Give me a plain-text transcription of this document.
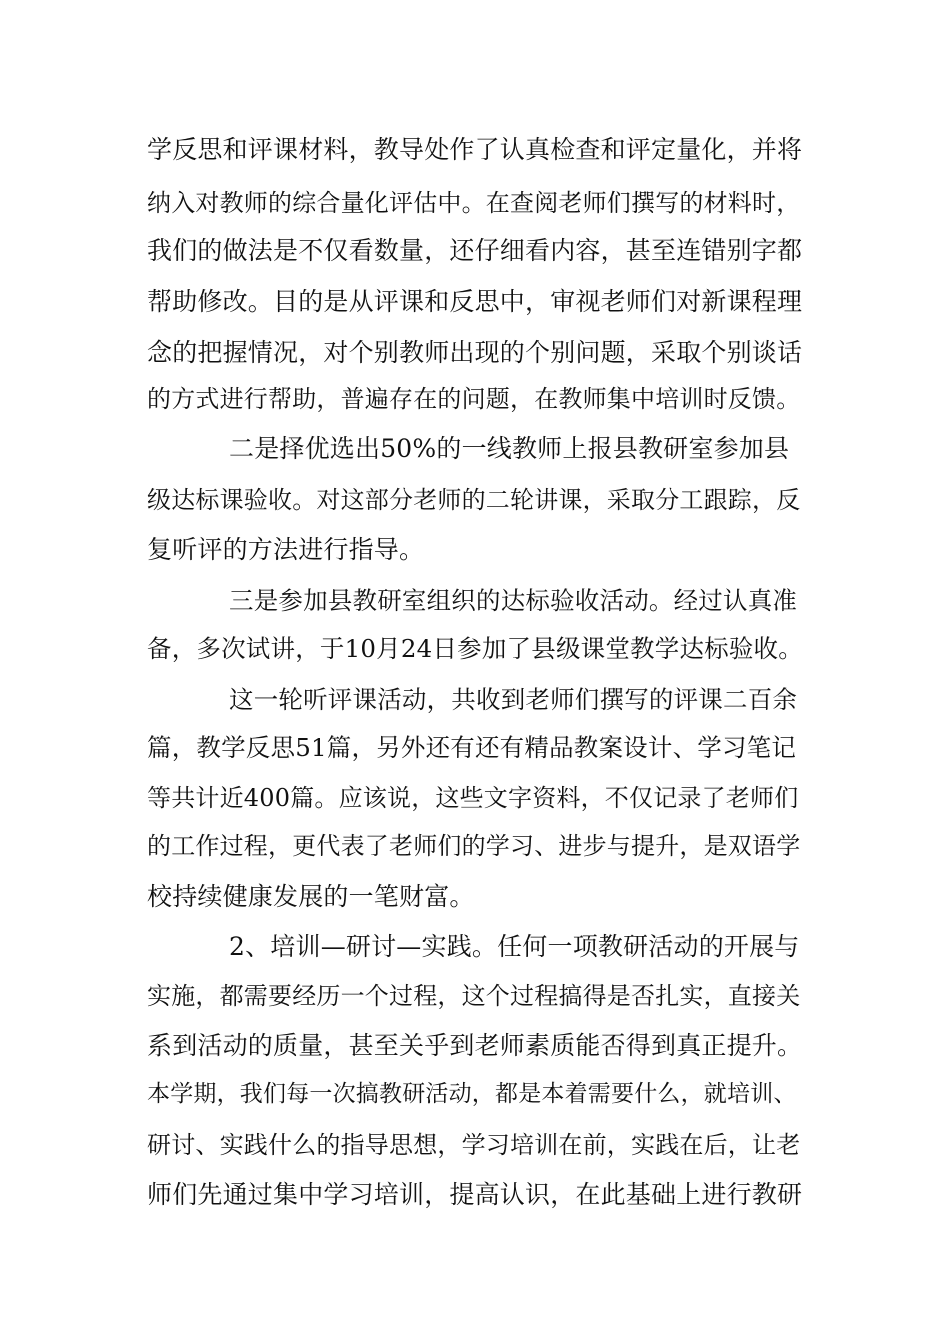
学反思和评课材料，教导处作了认真检查和评定量化，并将
纳入对教师的综合量化评估中。在查阅老师们撰写的材料时，
我们的做法是不仅看数量，还仔细看内容，甚至连错别字都
帮助修改。目的是从评课和反思中，审视老师们对新课程理
念的把握情况，对个别教师出现的个别问题，采取个别谈话
的方式进行帮助，普遍存在的问题，在教师集中培训时反馈。
二是择优选出50%的一线教师上报县教研室参加县
级达标课验收。对这部分老师的二轮讲课，采取分工跟踪，反
复听评的方法进行指导。
三是参加县教研室组织的达标验收活动。经过认真准
备，多次试讲，于10月24日参加了县级课堂教学达标验收。
这一轮听评课活动，共收到老师们撰写的评课二百余
篇，教学反思51篇，另外还有还有精品教案设计、学习笔记
等共计近400篇。应该说，这些文字资料，不仅记录了老师们
的工作过程，更代表了老师们的学习、进步与提升，是双语学
校持续健康发展的一笔财富。
2、培训—研讨—实践。任何一项教研活动的开展与
实施，都需要经历一个过程，这个过程搞得是否扎实，直接关
系到活动的质量，甚至关乎到老师素质能否得到真正提升。
本学期，我们每一次搞教研活动，都是本着需要什么，就培训、
研讨、实践什么的指导思想，学习培训在前，实践在后，让老
师们先通过集中学习培训，提高认识，在此基础上进行教研
